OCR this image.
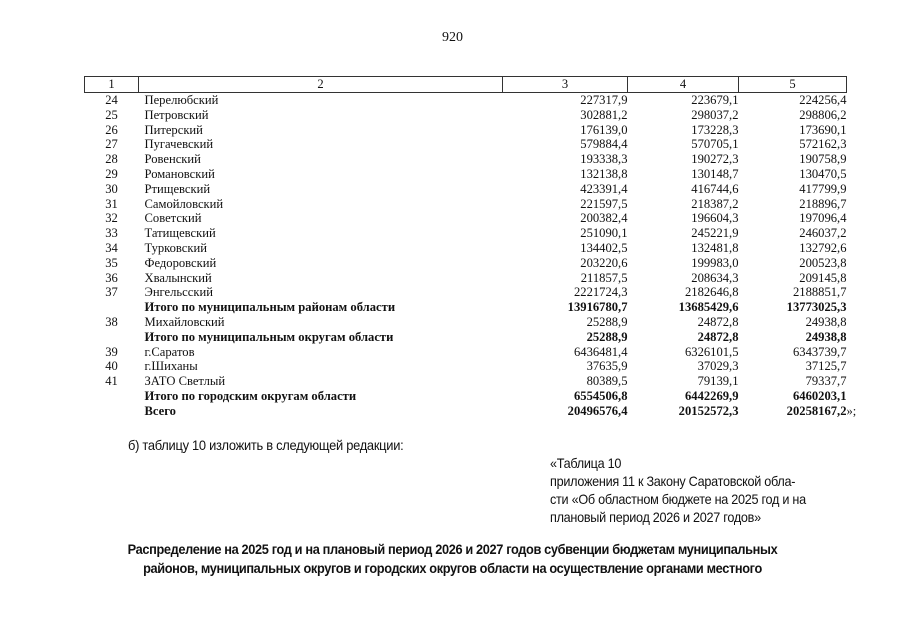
920
1	2	3	4	5
24	Перелюбский	227317,9	223679,1	224256,4
25	Петровский	302881,2	298037,2	298806,2
26	Питерский	176139,0	173228,3	173690,1
27	Пугачевский	579884,4	570705,1	572162,3
28	Ровенский	193338,3	190272,3	190758,9
29	Романовский	132138,8	130148,7	130470,5
30	Ртищевский	423391,4	416744,6	417799,9
31	Самойловский	221597,5	218387,2	218896,7
32	Советский	200382,4	196604,3	197096,4
33	Татищевский	251090,1	245221,9	246037,2
34	Турковский	134402,5	132481,8	132792,6
35	Федоровский	203220,6	199983,0	200523,8
36	Хвалынский	211857,5	208634,3	209145,8
37	Энгельсский	2221724,3	2182646,8	2188851,7
	Итого по муниципальным районам области	13916780,7	13685429,6	13773025,3
38	Михайловский	25288,9	24872,8	24938,8
	Итого по муниципальным округам области	25288,9	24872,8	24938,8
39	г.Саратов	6436481,4	6326101,5	6343739,7
40	г.Шиханы	37635,9	37029,3	37125,7
41	ЗАТО Светлый	80389,5	79139,1	79337,7
	Итого по городским округам области	6554506,8	6442269,9	6460203,1
	Всего	20496576,4	20152572,3	20258167,2 »;
б) таблицу 10 изложить в следующей редакции:
«Таблица 10
приложения 11 к Закону Саратовской обла-
сти «Об областном бюджете на 2025 год и на
плановый период 2026 и 2027 годов»
Распределение на 2025 год и на плановый период 2026 и 2027 годов субвенции бюджетам муниципальных
районов, муниципальных округов и городских округов области на осуществление органами местного
